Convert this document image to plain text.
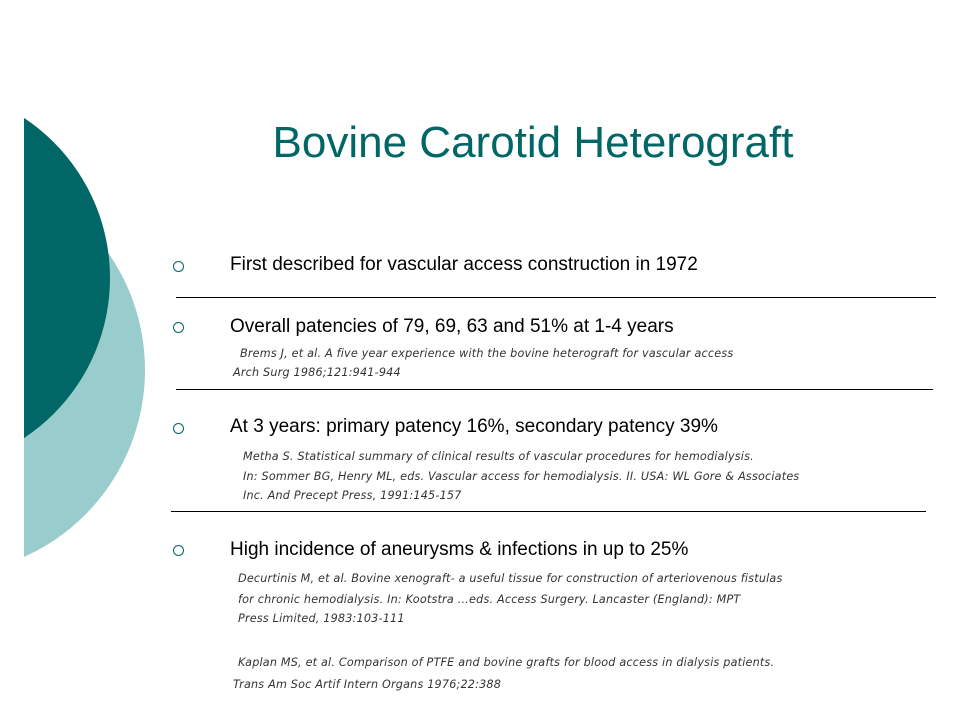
Bovine Carotid Heterograft
First described for vascular access construction in 1972
Overall patencies of 79, 69, 63 and 51% at 1-4 years
Brems J, et al. A five year experience with the bovine heterograft for vascular access
Arch Surg 1986;121:941-944
At 3 years: primary patency 16%, secondary patency 39%
Metha S. Statistical summary of clinical results of vascular procedures for hemodialysis.
In: Sommer BG, Henry ML, eds. Vascular access for hemodialysis. II. USA: WL Gore & Associates
Inc. And Precept Press, 1991:145-157
High incidence of aneurysms & infections in up to 25%
Decurtinis M, et al. Bovine xenograft- a useful tissue for construction of arteriovenous fistulas
for chronic hemodialysis. In: Kootstra …eds. Access Surgery. Lancaster (England): MPT
Press Limited, 1983:103-111
Kaplan MS, et al. Comparison of PTFE and bovine grafts for blood access in dialysis patients.
Trans Am Soc Artif Intern Organs 1976;22:388
